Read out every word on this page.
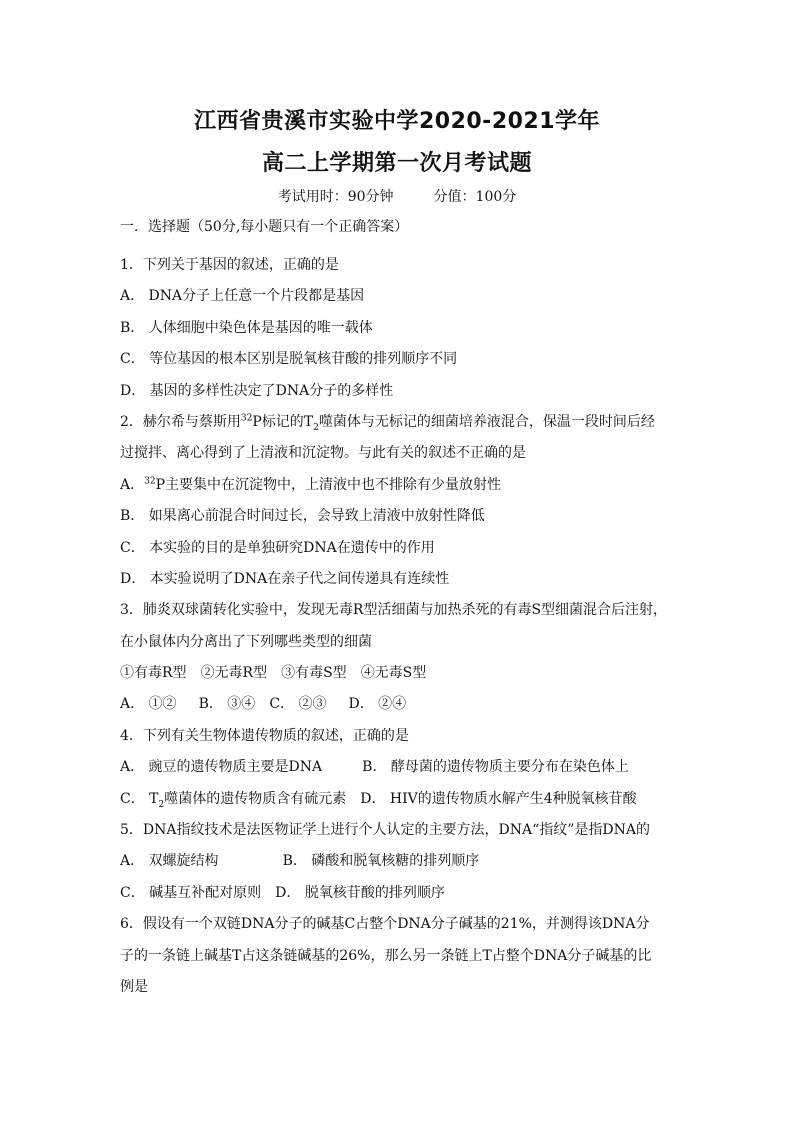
江西省贵溪市实验中学2020-2021学年
高二上学期第一次月考试题
考试用时：90分钟	分值：100分
一．选择题（50分,每小题只有一个正确答案）
1．下列关于基因的叙述，正确的是
A． DNA分子上任意一个片段都是基因
B． 人体细胞中染色体是基因的唯一载体
C． 等位基因的根本区别是脱氧核苷酸的排列顺序不同
D． 基因的多样性决定了DNA分子的多样性
2．赫尔希与蔡斯用$^{32}$P标记的$T_2$噬菌体与无标记的细菌培养液混合，保温一段时间后经
过搅拌、离心得到了上清液和沉淀物。与此有关的叙述不正确的是
A．$^{32}$P主要集中在沉淀物中，上清液中也不排除有少量放射性
B． 如果离心前混合时间过长，会导致上清液中放射性降低
C． 本实验的目的是单独研究DNA在遗传中的作用
D． 本实验说明了DNA在亲子代之间传递具有连续性
3．肺炎双球菌转化实验中，发现无毒R型活细菌与加热杀死的有毒S型细菌混合后注射，
在小鼠体内分离出了下列哪些类型的细菌
①有毒R型 ②无毒R型 ③有毒S型 ④无毒S型
A． ①② B． ③④ C． ②③ D． ②④
4．下列有关生物体遗传物质的叙述，正确的是
A． 豌豆的遗传物质主要是DNA	B． 酵母菌的遗传物质主要分布在染色体上
C． $T_2$噬菌体的遗传物质含有硫元素 D． HIV的遗传物质水解产生4种脱氧核苷酸
5．DNA指纹技术是法医物证学上进行个人认定的主要方法，DNA“指纹”是指DNA的
A． 双螺旋结构	B． 磷酸和脱氧核糖的排列顺序
C． 碱基互补配对原则 D． 脱氧核苷酸的排列顺序
6．假设有一个双链DNA分子的碱基C占整个DNA分子碱基的21%，并测得该DNA分
子的一条链上碱基T占这条链碱基的26%，那么另一条链上T占整个DNA分子碱基的比
例是
